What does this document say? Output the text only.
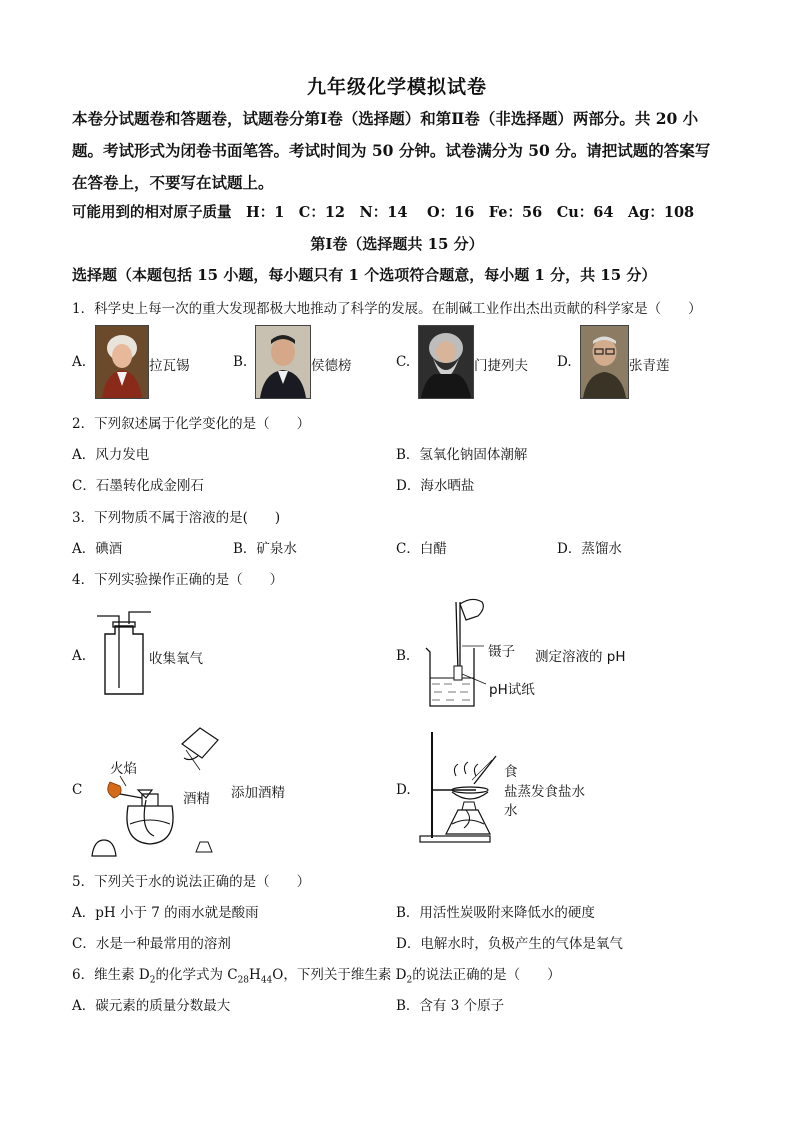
九年级化学模拟试卷
本卷分试题卷和答题卷，试题卷分第Ⅰ卷（选择题）和第Ⅱ卷（非选择题）两部分。共 20 小
题。考试形式为闭卷书面笔答。考试时间为 50 分钟。试卷满分为 50 分。请把试题的答案写
在答卷上，不要写在试题上。
可能用到的相对原子质量　H：1　C：12　N：14　 O：16　Fe：56　Cu：64　Ag：108
第Ⅰ卷（选择题共 15 分）
选择题（本题包括 15 小题，每小题只有 1 个选项符合题意，每小题 1 分，共 15 分）
1．科学史上每一次的重大发现都极大地推动了科学的发展。在制碱工业作出杰出贡献的科学家是（　　）
A.	拉瓦锡	B.	侯德榜	C.	门捷列夫 D.	张青莲
2．下列叙述属于化学变化的是（　　）
A．风力发电	B．氢氧化钠固体潮解
C．石墨转化成金刚石	D．海水晒盐
3．下列物质不属于溶液的是(　　)
A．碘酒	B．矿泉水	C．白醋	D．蒸馏水
4．下列实验操作正确的是（　　）
A.	收集氧气	B.	镊子 测定溶液的 pH
pH试纸
C
火焰
酒精 添加酒精	D.
食
盐蒸发食盐水
水
5．下列关于水的说法正确的是（　　）
A．pH 小于 7 的雨水就是酸雨	B．用活性炭吸附来降低水的硬度
C．水是一种最常用的溶剂	D．电解水时，负极产生的气体是氧气
6．维生素 $D_2$的化学式为 $C_{28}H_{44}O$，下列关于维生素 $D_2$的说法正确的是（　　）
A．碳元素的质量分数最大	B．含有 3 个原子
